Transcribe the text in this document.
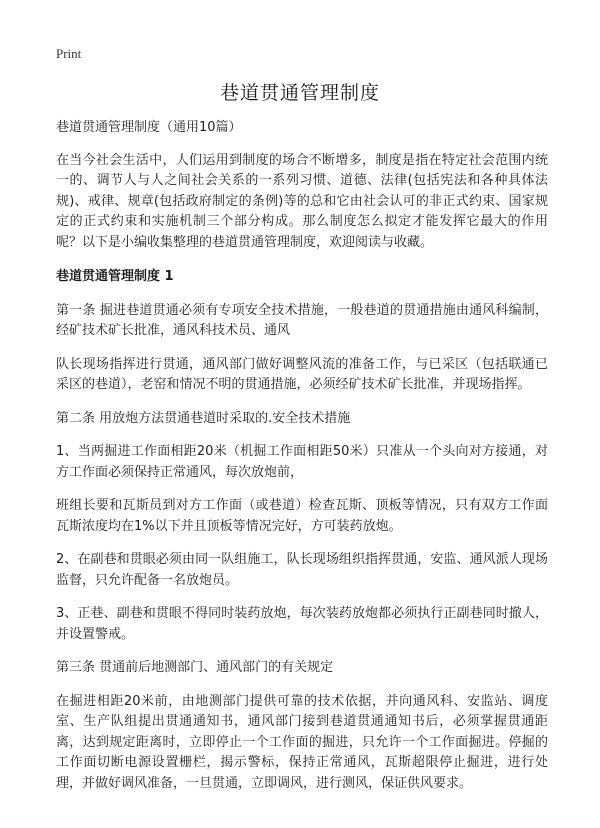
Print
巷道贯通管理制度

巷道贯通管理制度（通用10篇）

在当今社会生活中，人们运用到制度的场合不断增多，制度是指在特定社会范围内统一的、调节人与人之间社会关系的一系列习惯、道德、法律(包括宪法和各种具体法规)、戒律、规章(包括政府制定的条例)等的总和它由社会认可的非正式约束、国家规定的正式约束和实施机制三个部分构成。那么制度怎么拟定才能发挥它最大的作用呢？以下是小编收集整理的巷道贯通管理制度，欢迎阅读与收藏。

巷道贯通管理制度 1

第一条 掘进巷道贯通必须有专项安全技术措施，一般巷道的贯通措施由通风科编制，经矿技术矿长批准，通风科技术员、通风

队长现场指挥进行贯通，通风部门做好调整风流的准备工作，与已采区（包括联通已采区的巷道），老窑和情况不明的贯通措施，必须经矿技术矿长批准，并现场指挥。

第二条 用放炮方法贯通巷道时采取的.安全技术措施

1、当两掘进工作面相距20米（机掘工作面相距50米）只准从一个头向对方接通，对方工作面必须保持正常通风，每次放炮前，

班组长要和瓦斯员到对方工作面（或巷道）检查瓦斯、顶板等情况，只有双方工作面瓦斯浓度均在1%以下并且顶板等情况完好，方可装药放炮。

2、在副巷和贯眼必须由同一队组施工，队长现场组织指挥贯通，安监、通风派人现场监督，只允许配备一名放炮员。

3、正巷、副巷和贯眼不得同时装药放炮，每次装药放炮都必须执行正副巷同时撤人，并设置警戒。

第三条 贯通前后地测部门、通风部门的有关规定

在掘进相距20米前，由地测部门提供可靠的技术依据，并向通风科、安监站、调度室、生产队组提出贯通通知书，通风部门接到巷道贯通通知书后，必须掌握贯通距离，达到规定距离时，立即停止一个工作面的掘进，只允许一个工作面掘进。停掘的工作面切断电源设置栅栏，揭示警标，保持正常通风，瓦斯超限停止掘进，进行处理，并做好调风准备，一旦贯通，立即调风，进行测风，保证供风要求。
